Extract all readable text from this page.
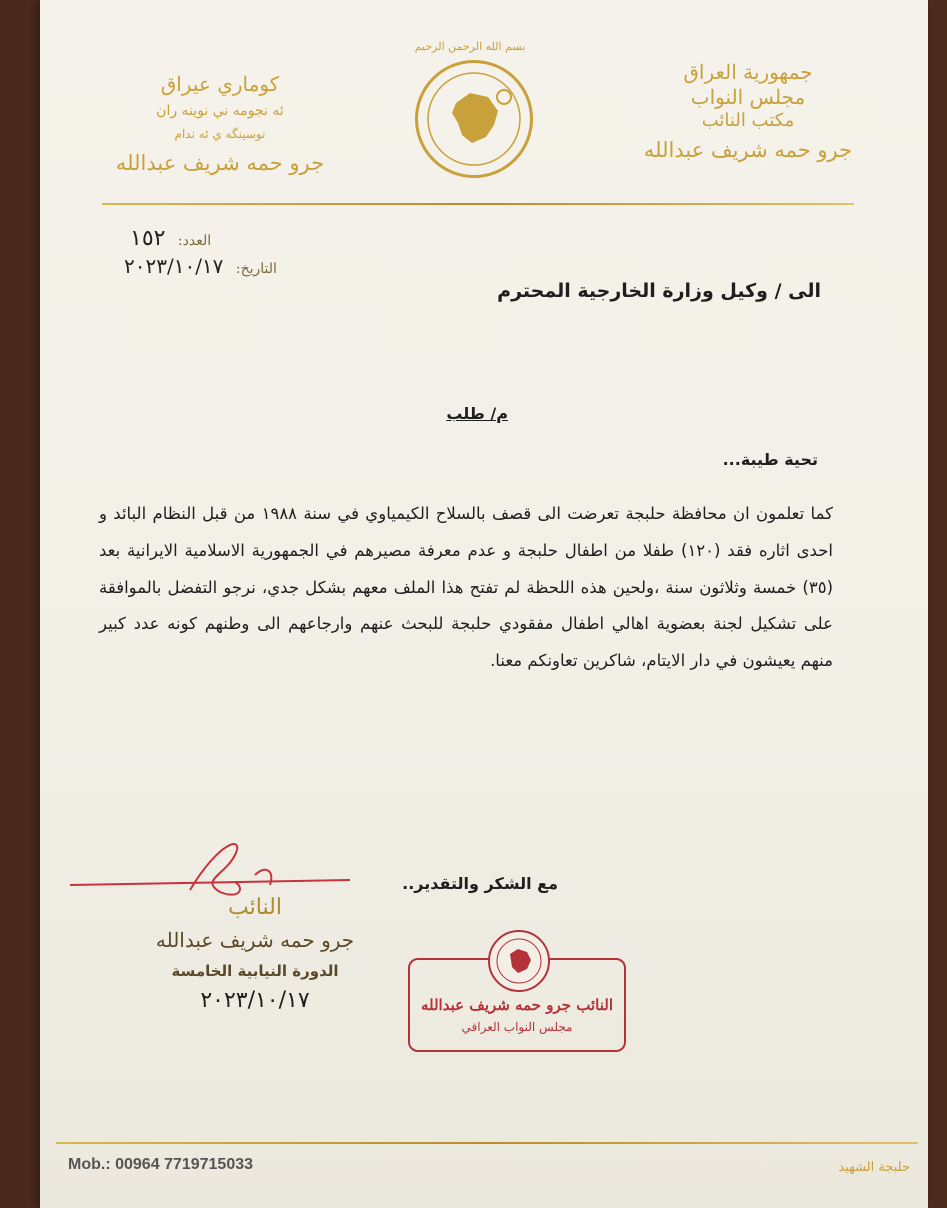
جمهورية العراق
مجلس النواب
مكتب النائب
جرو حمه شريف عبدالله
كوماري عيراق
ئه نجومه ني نوينه ران
نوسينگه ي ئه ندام
جرو حمه شريف عبدالله
بسم الله الرحمن الرحيم
العدد: ١٥٢
التاريخ: ٢٠٢٣/١٠/١٧
الى / وكيل وزارة الخارجية المحترم
م/ طلب
تحية طيبة...
كما تعلمون ان محافظة حلبجة تعرضت الى قصف بالسلاح الكيمياوي في سنة ١٩٨٨ من قبل النظام البائد و احدى اثاره فقد (١٢٠) طفلا من اطفال حلبجة و عدم معرفة مصيرهم في الجمهورية الاسلامية الايرانية بعد (٣٥) خمسة وثلاثون سنة ،ولحين هذه اللحظة لم تفتح هذا الملف معهم بشكل جدي، نرجو التفضل بالموافقة على تشكيل لجنة بعضوية اهالي اطفال مفقودي حلبجة للبحث عنهم وارجاعهم الى وطنهم كونه عدد كبير منهم يعيشون في دار الايتام، شاكرين تعاونكم معنا.
مع الشكر والتقدير..
النائب
جرو حمه شريف عبدالله
الدورة النيابية الخامسة
٢٠٢٣/١٠/١٧	النائب جرو حمه شريف عبدالله
مجلس النواب العراقي
Mob.: 00964 7719715033	حلبجة الشهيد
